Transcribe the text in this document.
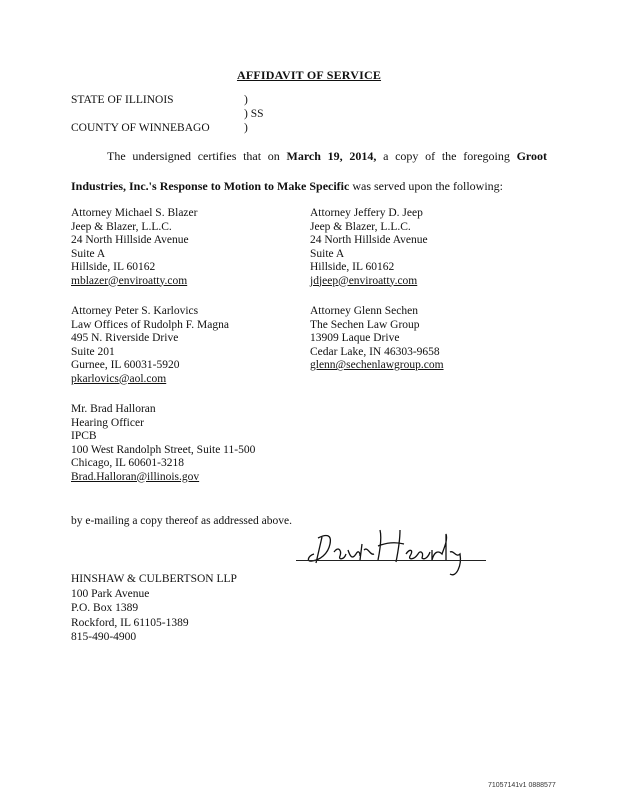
AFFIDAVIT OF SERVICE
STATE OF ILLINOIS
COUNTY OF WINNEBAGO
)
) SS
)
The undersigned certifies that on March 19, 2014, a copy of the foregoing Groot
Industries, Inc.'s Response to Motion to Make Specific was served upon the following:
Attorney Michael S. Blazer
Jeep & Blazer, L.L.C.
24 North Hillside Avenue
Suite A
Hillside, IL 60162
mblazer@enviroatty.com
Attorney Jeffery D. Jeep
Jeep & Blazer, L.L.C.
24 North Hillside Avenue
Suite A
Hillside, IL 60162
jdjeep@enviroatty.com
Attorney Peter S. Karlovics
Law Offices of Rudolph F. Magna
495 N. Riverside Drive
Suite 201
Gurnee, IL 60031-5920
pkarlovics@aol.com
Attorney Glenn Sechen
The Sechen Law Group
13909 Laque Drive
Cedar Lake, IN 46303-9658
glenn@sechenlawgroup.com
Mr. Brad Halloran
Hearing Officer
IPCB
100 West Randolph Street, Suite 11-500
Chicago, IL 60601-3218
Brad.Halloran@illinois.gov
by e-mailing a copy thereof as addressed above.
HINSHAW & CULBERTSON LLP
100 Park Avenue
P.O. Box 1389
Rockford, IL 61105-1389
815-490-4900
71057141v1 0888577
